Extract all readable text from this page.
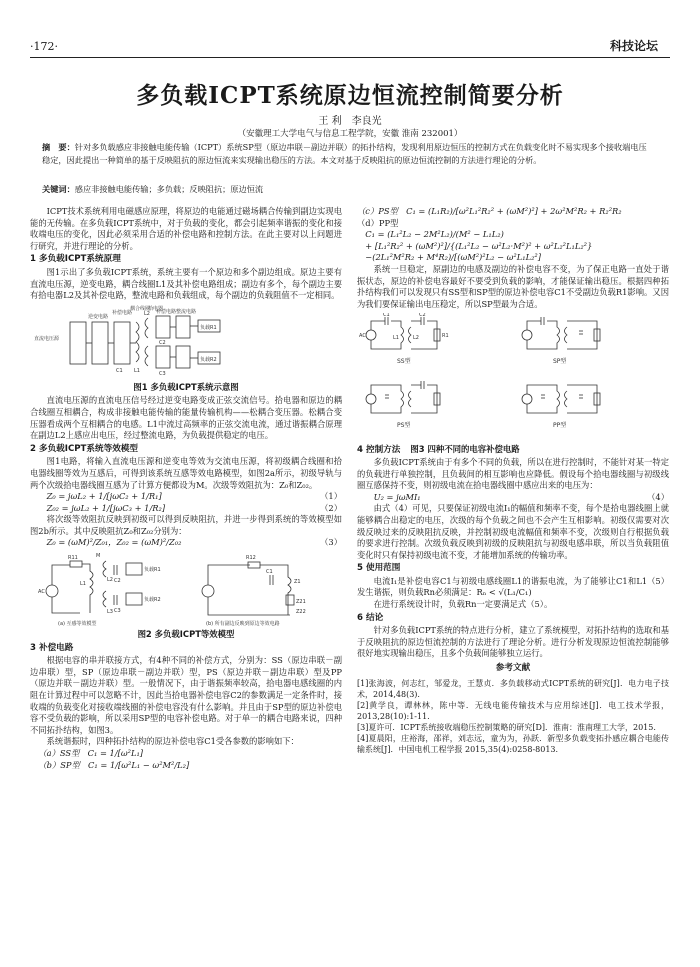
·172·	科技论坛
多负载ICPT系统原边恒流控制简要分析
王 利　李良光
（安徽理工大学电气与信息工程学院，安徽 淮南 232001）
摘　要：针对多负载感应非接触电能传输（ICPT）系统SP型（原边串联－副边并联）的拓扑结构，发现利用原边恒压的控制方式在负载变化时不易实现多个接收端电压稳定，因此提出一种简单的基于反映阻抗的原边恒流来实现输出稳压的方法。本文对基于反映阻抗的原边恒流控制的方法进行理论的分析。
关键词：感应非接触电能传输；多负载；反映阻抗；原边恒流

ICPT技术系统利用电磁感应原理，将原边的电能通过磁场耦合传输到副边实现电能的无传输。在多负载ICPT系统中，对于负载的变化，都会引起频率谐振的变化和接收端电压的变化，因此必须采用合适的补偿电路和控制方法。在此主要对以上问题进行研究，并进行理论的分析。

1 多负载ICPT系统原理

图1示出了多负载ICPT系统，系统主要有一个原边和多个副边组成。原边主要有直流电压源，逆变电路，耦合线圈L1及其补偿电路组成；副边有多个，每个副边主要有拾电器L2及其补偿电路，整流电路和负载组成，每个副边的负载阻值不一定相同。

直流电压源
逆变电路
补偿电路
耦合线圈
拾电器
补偿电路 整流电路
负载R1
负载R2
L1
L2
C1
C2
C3
图1 多负载ICPT系统示意图

直流电压源的直流电压信号经过逆变电路变成正弦交流信号。拾电器和原边的耦合线圈互相耦合，构成非接触电能传输的能量传输机构——松耦合变压器。松耦合变压器看成两个互相耦合的电感。L1中流过高频率的正弦交流电流，通过谐振耦合原理在副边L2上感应出电压，经过整流电路，为负载提供稳定的电压。

2 多负载ICPT系统等效模型

图1电路，将输入直流电压源和逆变电等效为交流电压源，将初级耦合线圈和拾电器线圈等效为互感后，可得到该系统互感等效电路模型，如图2a所示，初级导轨与两个次级拾电器线圈互感为了计算方便都设为M。次级等效阻抗为：Z₀和Z₀₂。

Z₀ = jωL₂ + 1/[jωC₂ + 1/R₁]	（1）
Z₀₂ = jωL₂ + 1/[jωC₃ + 1/R₂]	（2）

将次级等效阻抗反映到初级可以得到反映阻抗，并进一步得到系统的等效模型如图2b所示。其中反映阻抗Z₀和Z₀₂分别为：

Z₀ = (ωM)²/Z₀₁，Z₀₂ = (ωM)²/Z₀₂	（3）
AC
R11	R12
M
L1
L2
L3
C1
C2
C3
负载R1
负载R2
Z1
Z21
Z22
(a) 互感等效模型	(b) 所有副边反映到原边等效电路
图2 多负载ICPT等效模型
3 补偿电路

根据电容的串并联接方式，有4种不同的补偿方式，分别为：SS（原边串联－副边串联）型，SP（原边串联－副边并联）型，PS（原边并联－副边串联）型及PP（原边并联－副边并联）型。一般情况下，由于谐振频率较高，拾电器电感线圈的内阻在计算过程中可以忽略不计，因此当拾电器补偿电容C2的参数满足一定条件时，接收端的负载变化对接收端线圈的补偿电容没有什么影响。并且由于SP型的原边补偿电容不受负载的影响，所以采用SP型的电容补偿电路。对于单一的耦合电路来说，四种不同拓扑结构，如图3。

系统谐振时，四种拓扑结构的原边补偿电容C1受各参数的影响如下：

（a）SS型　C₁ = 1/[ω²L₁]
（b）SP型　C₁ = 1/[ω²L₁ − ω²M²/L₂]
（c）PS型　C₁ = (L₁R₂)/[ω²L₁²R₂² + (ωM²)²] + 2ω²M²R₂ + R₂²R₂
（d）PP型
C₁ = (L₁²L₂ − 2M²L₂)/(M² − L₁L₂)
+ [L₁²R₂² + (ωM²)²]/{(L₁²L₂ − ω²L₂·M²)² + ω²L₂²L₁L₂²}
−(2L₁²M²R₂ + M⁴R₂)/[(ωM²)²L₂ − ω²L₁L₂²]

系统一旦稳定，原副边的电感及副边的补偿电容不变，为了保正电路一直处于谐振状态，原边的补偿电容最好不要受到负载的影响，才能保证输出稳压。根据四种拓扑结构我们可以发现只有SS型和SP型的原边补偿电容C1不受副边负载R1影响。又因为我们要保证输出电压稳定，所以SP型最为合适。

AC
C1	C2
L1	L2	R1
SS型	SP型
PS型	PP型
4 控制方法 图3 四种不同的电容补偿电路

多负载ICPT系统由于有多个不同的负载，所以在进行控制时，不能针对某一特定的负载进行单独控制，且负载间的相互影响也应降低。假设每个拾电器线圈与初级线圈互感保持不变，则初级电流在拾电器线圈中感应出来的电压为：

U₂ = jωMI₁	（4）

由式（4）可见，只要保证初级电流I₁的幅值和频率不变，每个是拾电器线圈上就能够耦合出稳定的电压，次级的每个负载之间也不会产生互相影响。初级仅需要对次级反映过来的反映阻抗反映，并控制初级电流幅值和频率不变，次级则自行根据负载的要求进行控制。次级负载反映到初级的反映阻抗与初级电感串联，所以当负载阻值变化时只有保持初级电流不变，才能增加系统的传输功率。

5 使用范围

电流I₁是补偿电容C1与初级电感线圈L1的谐振电流，为了能够让C1和L1发生谐振，则负载Rn必须满足：Rₙ < √(L₁/C₁)

（5）

在进行系统设计时，负载Rn一定要满足式（5）。

6 结论

针对多负载ICPT系统的特点进行分析，建立了系统模型，对拓扑结构的选取和基于反映阻抗的原边恒流控制的方法进行了理论分析。进行分析发现原边恒流控制能够很好地实现输出稳压，且多个负载间能够独立运行。

参考文献

[1]张海波，何志红，邹爱龙，王慧贞．多负载移动式ICPT系统的研究[J]．电力电子技术，2014,48(3).

[2]黄学良，谭林林，陈中等．无线电能传输技术与应用综述[J]．电工技术学报，2013,28(10):1-11.

[3]夏许可．ICPT系统接收端稳压控制策略的研究[D]．淮南：淮南理工大学，2015.

[4]夏晨阳，庄裕海，邵祥，刘志远，童为为，孙跃．新型多负载变拓扑感应耦合电能传输系统[J]．中国电机工程学报 2015,35(4):0258-8013.
